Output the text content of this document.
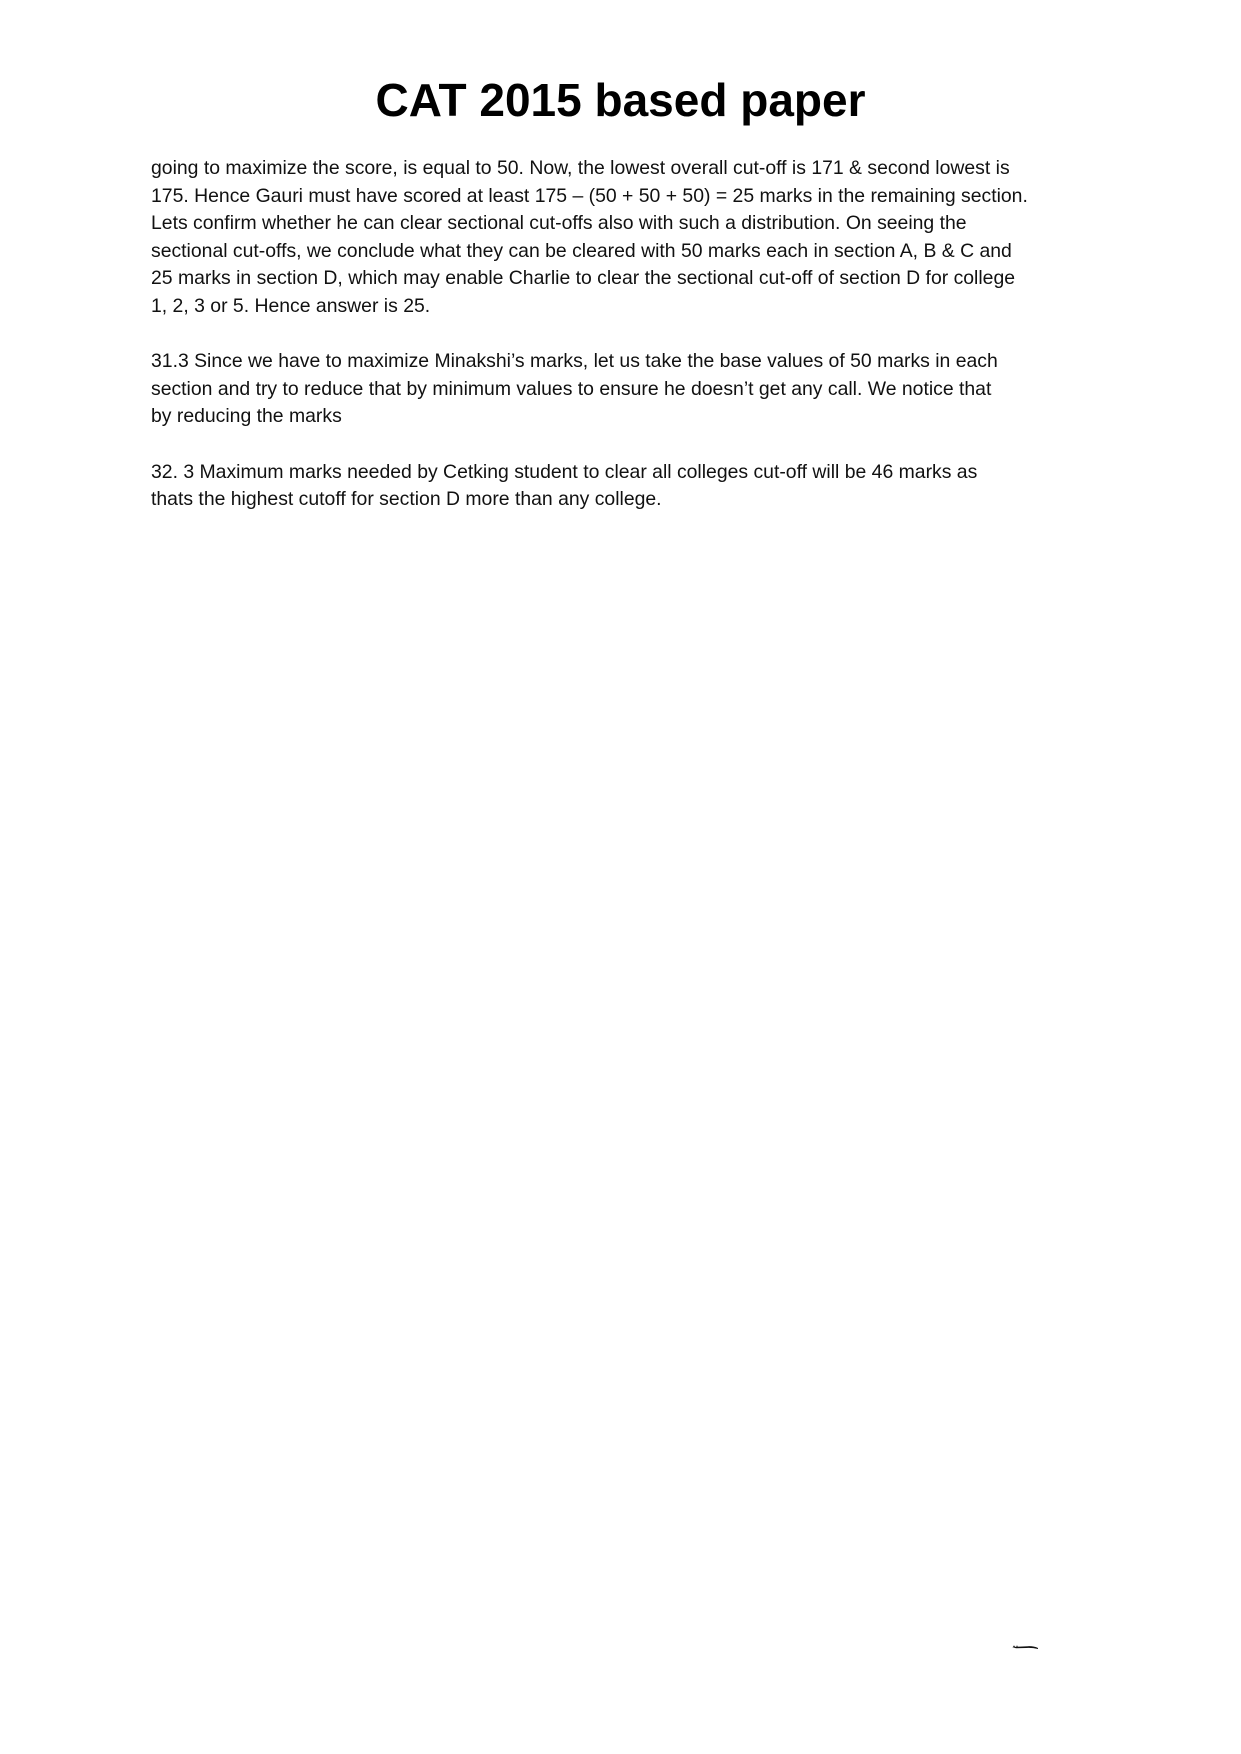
CAT 2015 based paper

going to maximize the score, is equal to 50. Now, the lowest overall cut-off is 171 & second lowest is
175. Hence Gauri must have scored at least 175 – (50 + 50 + 50) = 25 marks in the remaining section.
Lets confirm whether he can clear sectional cut-offs also with such a distribution. On seeing the
sectional cut-offs, we conclude what they can be cleared with 50 marks each in section A, B & C and
25 marks in section D, which may enable Charlie to clear the sectional cut-off of section D for college
1, 2, 3 or 5. Hence answer is 25.

31.3 Since we have to maximize Minakshi’s marks, let us take the base values of 50 marks in each
section and try to reduce that by minimum values to ensure he doesn’t get any call. We notice that
by reducing the marks

32. 3 Maximum marks needed by Cetking student to clear all colleges cut-off will be 46 marks as
thats the highest cutoff for section D more than any college.
